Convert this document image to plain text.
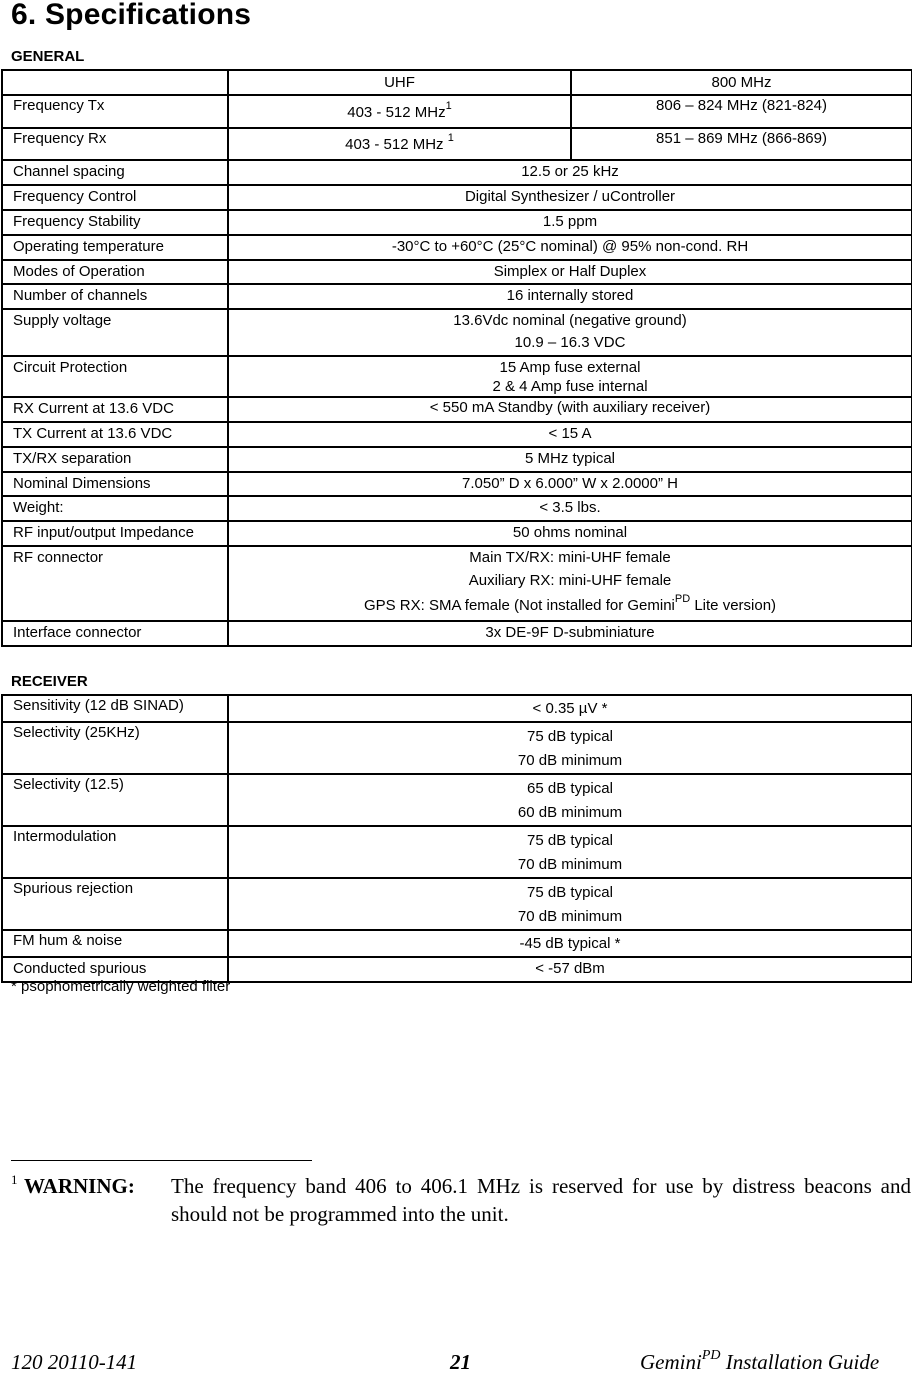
6. Specifications
GENERAL

	UHF	800 MHz

Frequency Tx	403 - 512 MHz$^1$	806 – 824 MHz (821-824)

Frequency Rx	403 - 512 MHz $^1$	851 – 869 MHz (866-869)

Channel spacing	12.5 or 25 kHz	

Frequency Control	Digital Synthesizer / uController	

Frequency Stability	1.5 ppm	

Operating temperature	-30°C to +60°C (25°C nominal) @ 95% non-cond. RH	

Modes of Operation	Simplex or Half Duplex	

Number of channels	16 internally stored	

Supply voltage	13.6Vdc nominal (negative ground)
10.9 – 16.3 VDC	

Circuit Protection	15 Amp fuse external
2 & 4 Amp fuse internal	

RX Current at 13.6 VDC	< 550 mA Standby (with auxiliary receiver)	

TX Current at 13.6 VDC	< 15 A	

TX/RX separation	5 MHz typical	

Nominal Dimensions	7.050” D x 6.000” W x 2.0000” H	

Weight:	< 3.5 lbs.	

RF input/output Impedance	50 ohms nominal	

RF connector	Main TX/RX: mini-UHF female
Auxiliary RX: mini-UHF female
GPS RX: SMA female (Not installed for Gemini$^{PD}$ Lite version)	

Interface connector	3x DE-9F D-subminiature	
RECEIVER
Sensitivity (12 dB SINAD)	< 0.35 µV *

Selectivity (25KHz)	75 dB typical
70 dB minimum

Selectivity (12.5)	65 dB typical
60 dB minimum

Intermodulation	75 dB typical
70 dB minimum

Spurious rejection	75 dB typical
70 dB minimum

FM hum & noise	-45 dB typical *

Conducted spurious	< -57 dBm
* psophometrically weighted filter
1 WARNING: The frequency band 406 to 406.1 MHz is reserved for use by distress beacons and should not be programmed into the unit.
120 20110-141	21	Gemini$^{PD}$ Installation Guide
